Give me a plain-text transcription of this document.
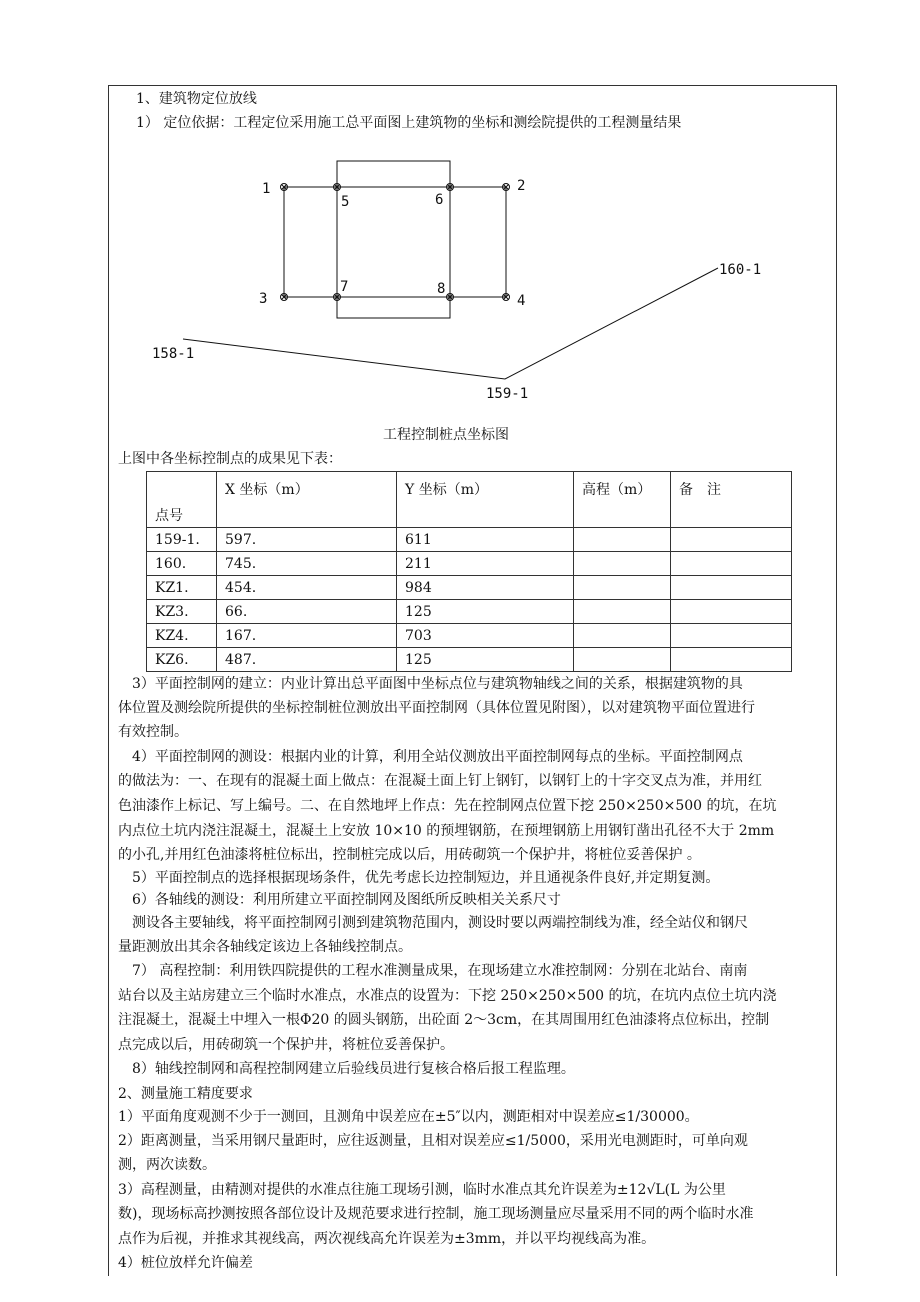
1、建筑物定位放线
1） 定位依据：工程定位采用施工总平面图上建筑物的坐标和测绘院提供的工程测量结果
1	2
3	4
5	6
7	8
158-1
159-1
160-1
工程控制桩点坐标图
上图中各坐标控制点的成果见下表：
点号	X 坐标（m）	Y 坐标（m）	高程（m）	备　注
159-1.	597.	611		
160.	745.	211		
KZ1.	454.	984		
KZ3.	66.	125		
KZ4.	167.	703		
KZ6.	487.	125		
　3）平面控制网的建立：内业计算出总平面图中坐标点位与建筑物轴线之间的关系，根据建筑物的具
体位置及测绘院所提供的坐标控制桩位测放出平面控制网（具体位置见附图），以对建筑物平面位置进行
有效控制。
　4）平面控制网的测设：根据内业的计算，利用全站仪测放出平面控制网每点的坐标。平面控制网点
的做法为：一、在现有的混凝土面上做点：在混凝土面上钉上钢钉，以钢钉上的十字交叉点为准，并用红
色油漆作上标记、写上编号。二、在自然地坪上作点：先在控制网点位置下挖 250×250×500 的坑，在坑
内点位土坑内浇注混凝土，混凝土上安放 10×10 的预埋钢筋，在预埋钢筋上用钢钉凿出孔径不大于 2mm
的小孔,并用红色油漆将桩位标出，控制桩完成以后，用砖砌筑一个保护井，将桩位妥善保护 。
　5）平面控制点的选择根据现场条件，优先考虑长边控制短边，并且通视条件良好,并定期复测。
　6）各轴线的测设：利用所建立平面控制网及图纸所反映相关关系尺寸
　测设各主要轴线，将平面控制网引测到建筑物范围内，测设时要以两端控制线为准，经全站仪和钢尺
量距测放出其余各轴线定该边上各轴线控制点。
　7） 高程控制：利用铁四院提供的工程水准测量成果，在现场建立水准控制网：分别在北站台、南南
站台以及主站房建立三个临时水准点，水准点的设置为：下挖 250×250×500 的坑，在坑内点位土坑内浇
注混凝土，混凝土中埋入一根Φ20 的圆头钢筋，出砼面 2～3cm，在其周围用红色油漆将点位标出，控制
点完成以后，用砖砌筑一个保护井，将桩位妥善保护。
　8）轴线控制网和高程控制网建立后验线员进行复核合格后报工程监理。
2、测量施工精度要求
1）平面角度观测不少于一测回，且测角中误差应在±5″以内，测距相对中误差应≤1/30000。
2）距离测量，当采用钢尺量距时，应往返测量，且相对误差应≤1/5000，采用光电测距时，可单向观
测，两次读数。
3）高程测量，由精测对提供的水准点往施工现场引测，临时水准点其允许误差为±12√L(L 为公里
数)，现场标高抄测按照各部位设计及规范要求进行控制，施工现场测量应尽量采用不同的两个临时水准
点作为后视，并推求其视线高，两次视线高允许误差为±3mm，并以平均视线高为准。
4）桩位放样允许偏差
